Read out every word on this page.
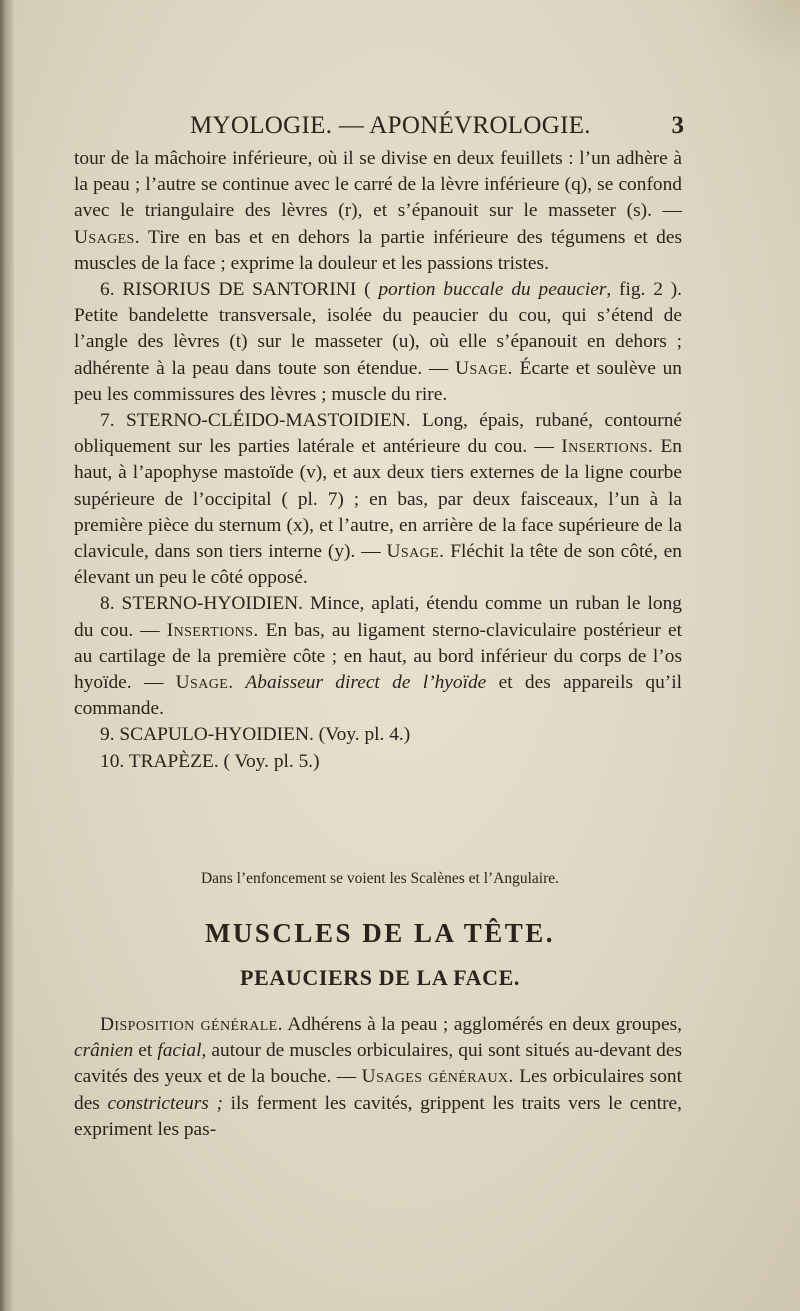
MYOLOGIE. — APONÉVROLOGIE.	3
tour de la mâchoire inférieure, où il se divise en deux feuillets : l’un adhère à la peau ; l’autre se continue avec le carré de la lèvre inférieure (q), se confond avec le triangulaire des lèvres (r), et s’épanouit sur le masseter (s). — Usages. Tire en bas et en dehors la partie inférieure des tégumens et des muscles de la face ; exprime la douleur et les passions tristes.
6. RISORIUS DE SANTORINI ( portion buccale du peaucier, fig. 2 ). Petite bandelette transversale, isolée du peaucier du cou, qui s’étend de l’angle des lèvres (t) sur le masseter (u), où elle s’épanouit en dehors ; adhérente à la peau dans toute son étendue. — Usage. Écarte et soulève un peu les commissures des lèvres ; muscle du rire.
7. STERNO-CLÉIDO-MASTOIDIEN. Long, épais, rubané, contourné obliquement sur les parties latérale et antérieure du cou. — Insertions. En haut, à l’apophyse mastoïde (v), et aux deux tiers externes de la ligne courbe supérieure de l’occipital ( pl. 7) ; en bas, par deux faisceaux, l’un à la première pièce du sternum (x), et l’autre, en arrière de la face supérieure de la clavicule, dans son tiers interne (y). — Usage. Fléchit la tête de son côté, en élevant un peu le côté opposé.
8. STERNO-HYOIDIEN. Mince, aplati, étendu comme un ruban le long du cou. — Insertions. En bas, au ligament sterno-claviculaire postérieur et au cartilage de la première côte ; en haut, au bord inférieur du corps de l’os hyoïde. — Usage. Abaisseur direct de l’hyoïde et des appareils qu’il commande.
9. SCAPULO-HYOIDIEN. (Voy. pl. 4.)
10. TRAPÈZE. ( Voy. pl. 5.)
Dans l’enfoncement se voient les Scalènes et l’Angulaire.
MUSCLES DE LA TÊTE.
PEAUCIERS DE LA FACE.
Disposition générale. Adhérens à la peau ; agglomérés en deux groupes, crânien et facial, autour de muscles orbiculaires, qui sont situés au-devant des cavités des yeux et de la bouche. — Usages généraux. Les orbiculaires sont des constricteurs ; ils ferment les cavités, grippent les traits vers le centre, expriment les pas-
